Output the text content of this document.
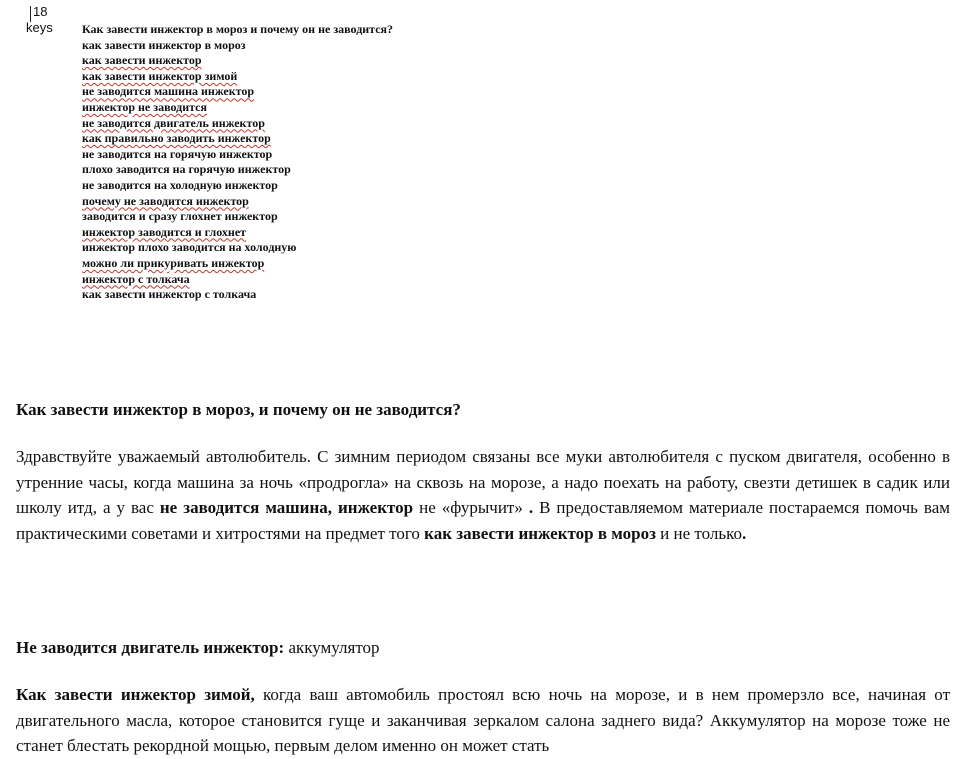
18
keys Как завести инжектор в мороз и почему он не заводится?
как завести инжектор в мороз
как завести инжектор
как завести инжектор зимой
не заводится машина инжектор
инжектор не заводится
не заводится двигатель инжектор
как правильно заводить инжектор
не заводится на горячую инжектор
плохо заводится на горячую инжектор
не заводится на холодную инжектор
почему не заводится инжектор
заводится и сразу глохнет инжектор
инжектор заводится и глохнет
инжектор плохо заводится на холодную
можно ли прикуривать инжектор
инжектор с толкача
как завести инжектор с толкача

Как завести инжектор в мороз, и почему он не заводится?

Здравствуйте уважаемый автолюбитель. С зимним периодом связаны все муки автолюбителя с пуском двигателя, особенно в утренние часы, когда машина за ночь «продрогла» на сквозь на морозе, а надо поехать на работу, свезти детишек в садик или школу итд, а у вас не заводится машина, инжектор не «фурычит» . В предоставляемом материале постараемся помочь вам практическими советами и хитростями на предмет того как завести инжектор в мороз и не только.

Не заводится двигатель инжектор: аккумулятор

Как завести инжектор зимой, когда ваш автомобиль простоял всю ночь на морозе, и в нем промерзло все, начиная от двигательного масла, которое становится гуще и заканчивая зеркалом салона заднего вида? Аккумулятор на морозе тоже не станет блестать рекордной мощью, первым делом именно он может стать
